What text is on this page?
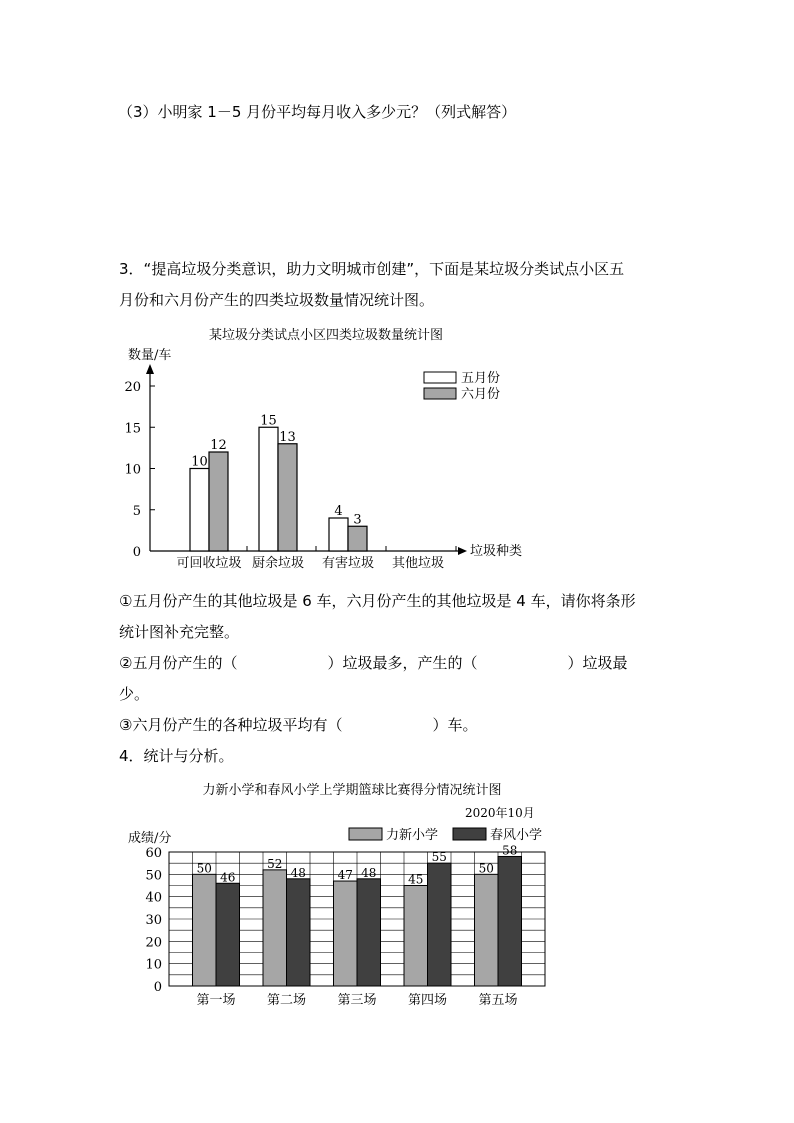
（3）小明家 1－5 月份平均每月收入多少元？（列式解答）
3．“提高垃圾分类意识，助力文明城市创建”，下面是某垃圾分类试点小区五
月份和六月份产生的四类垃圾数量情况统计图。
某垃圾分类试点小区四类垃圾数量统计图
数量/车
垃圾种类
0
5
10
15
20
可回收垃圾 厨余垃圾 有害垃圾 其他垃圾
10
15
4
12
13
3
五月份
六月份
①五月份产生的其他垃圾是 6 车，六月份产生的其他垃圾是 4 车，请你将条形
统计图补充完整。
②五月份产生的（　　　　　　）垃圾最多，产生的（　　　　　　）垃圾最
少。
③六月份产生的各种垃圾平均有（　　　　　　）车。
4．统计与分析。
力新小学和春风小学上学期篮球比赛得分情况统计图
2020年10月
成绩/分	力新小学	春风小学
0
10
20
30
40
50
60
第一场 第二场 第三场 第四场 第五场
50	52
47	45
50
46	48	48
55	58
